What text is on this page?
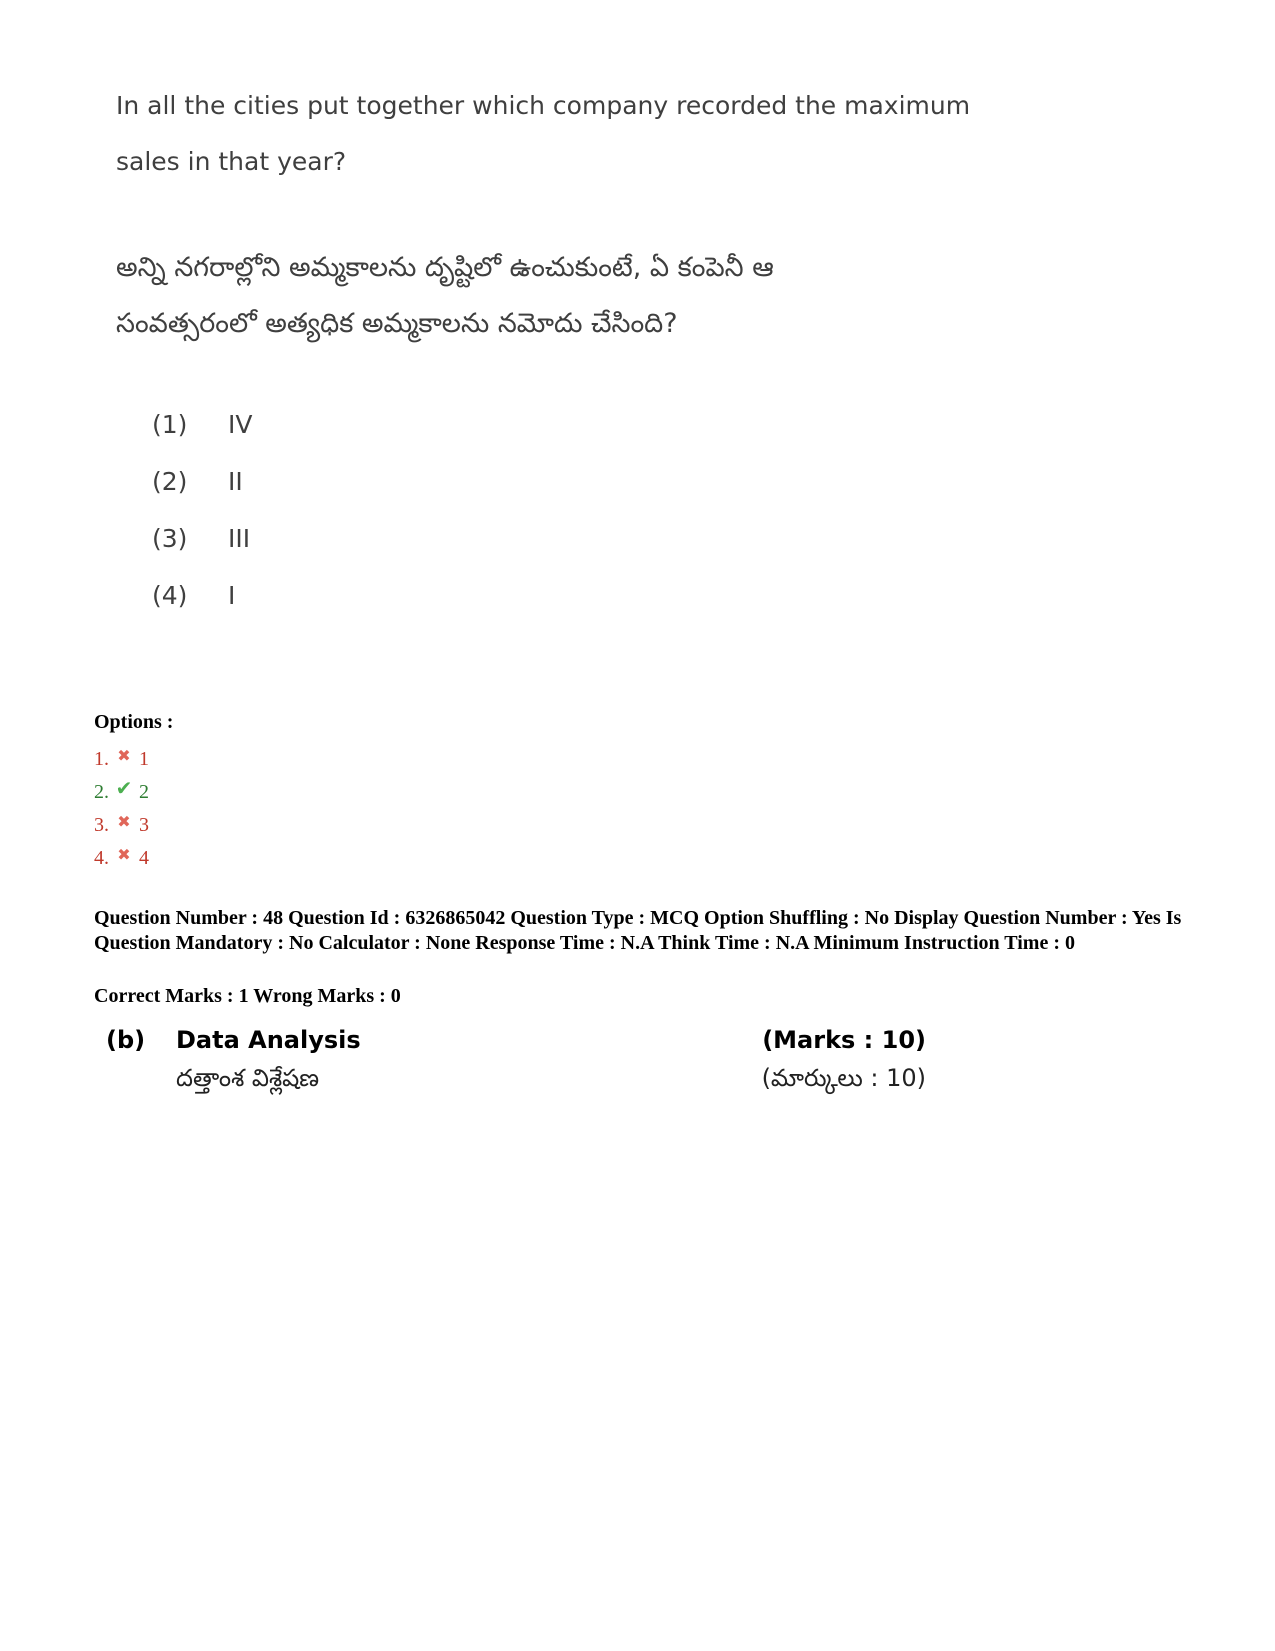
In all the cities put together which company recorded the maximum
sales in that year?
అన్ని నగరాల్లోని అమ్మకాలను దృష్టిలో ఉంచుకుంటే, ఏ కంపెనీ ఆ
సంవత్సరంలో అత్యధిక అమ్మకాలను నమోదు చేసింది?
(1)	IV
(2)	II
(3)	III
(4)	I
Options :
1. ✖ 1
2. ✔ 2
3. ✖ 3
4. ✖ 4
Question Number : 48 Question Id : 6326865042 Question Type : MCQ Option Shuffling : No Display Question Number : Yes Is Question Mandatory : No Calculator : None Response Time : N.A Think Time : N.A Minimum Instruction Time : 0
Correct Marks : 1 Wrong Marks : 0
(b) Data Analysis
దత్తాంశ విశ్లేషణ
(Marks : 10)
(మార్కులు : 10)
